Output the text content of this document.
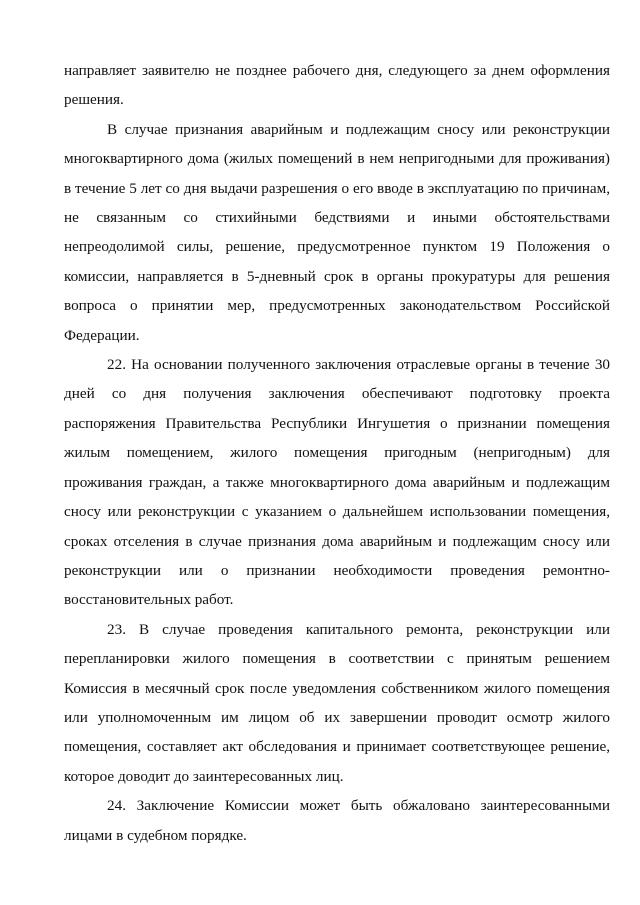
направляет заявителю не позднее рабочего дня, следующего за днем оформления решения.

В случае признания аварийным и подлежащим сносу или реконструкции многоквартирного дома (жилых помещений в нем непригодными для проживания) в течение 5 лет со дня выдачи разрешения о его вводе в эксплуатацию по причинам, не связанным со стихийными бедствиями и иными обстоятельствами непреодолимой силы, решение, предусмотренное пунктом 19 Положения о комиссии, направляется в 5-дневный срок в органы прокуратуры для решения вопроса о принятии мер, предусмотренных законодательством Российской Федерации.

22. На основании полученного заключения отраслевые органы в течение 30 дней со дня получения заключения обеспечивают подготовку проекта распоряжения Правительства Республики Ингушетия о признании помещения жилым помещением, жилого помещения пригодным (непригодным) для проживания граждан, а также многоквартирного дома аварийным и подлежащим сносу или реконструкции с указанием о дальнейшем использовании помещения, сроках отселения в случае признания дома аварийным и подлежащим сносу или реконструкции или о признании необходимости проведения ремонтно-восстановительных работ.

23. В случае проведения капитального ремонта, реконструкции или перепланировки жилого помещения в соответствии с принятым решением Комиссия в месячный срок после уведомления собственником жилого помещения или уполномоченным им лицом об их завершении проводит осмотр жилого помещения, составляет акт обследования и принимает соответствующее решение, которое доводит до заинтересованных лиц.

24. Заключение Комиссии может быть обжаловано заинтересованными лицами в судебном порядке.
